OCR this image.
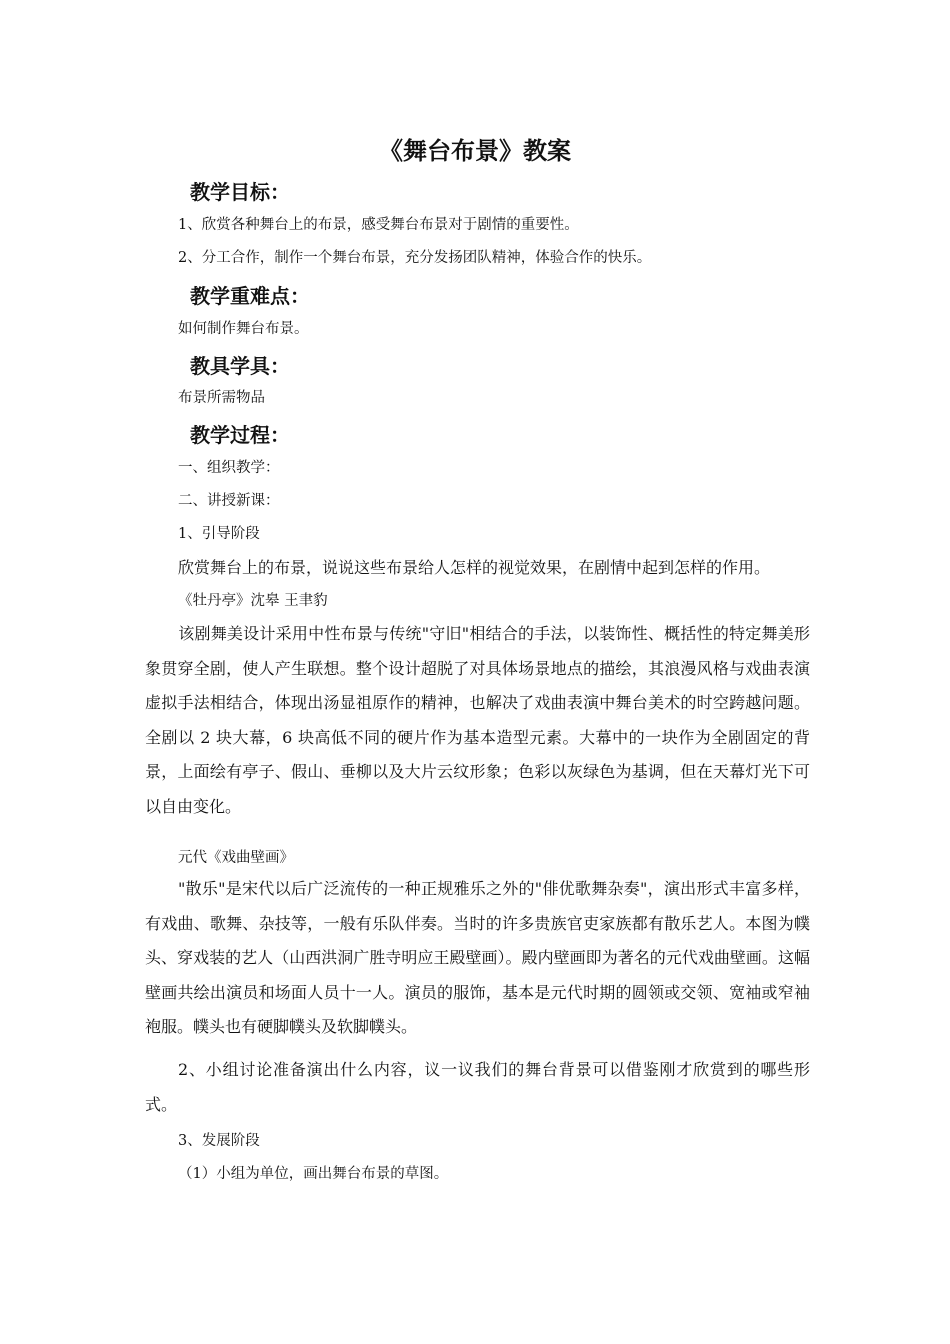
《舞台布景》教案
教学目标：
1、欣赏各种舞台上的布景，感受舞台布景对于剧情的重要性。
2、分工合作，制作一个舞台布景，充分发扬团队精神，体验合作的快乐。
教学重难点：
如何制作舞台布景。
教具学具：
布景所需物品
教学过程：
一、组织教学：
二、讲授新课：
1、引导阶段
欣赏舞台上的布景，说说这些布景给人怎样的视觉效果，在剧情中起到怎样的作用。
《牡丹亭》沈皋 王聿豹
该剧舞美设计采用中性布景与传统"守旧"相结合的手法，以装饰性、概括性的特定舞美形象贯穿全剧，使人产生联想。整个设计超脱了对具体场景地点的描绘，其浪漫风格与戏曲表演虚拟手法相结合，体现出汤显祖原作的精神，也解决了戏曲表演中舞台美术的时空跨越问题。全剧以 2 块大幕，6 块高低不同的硬片作为基本造型元素。大幕中的一块作为全剧固定的背景，上面绘有亭子、假山、垂柳以及大片云纹形象；色彩以灰绿色为基调，但在天幕灯光下可以自由变化。
元代《戏曲壁画》
"散乐"是宋代以后广泛流传的一种正规雅乐之外的"俳优歌舞杂奏"，演出形式丰富多样，有戏曲、歌舞、杂技等，一般有乐队伴奏。当时的许多贵族官吏家族都有散乐艺人。本图为幞头、穿戏装的艺人（山西洪洞广胜寺明应王殿壁画）。殿内壁画即为著名的元代戏曲壁画。这幅壁画共绘出演员和场面人员十一人。演员的服饰，基本是元代时期的圆领或交领、宽袖或窄袖袍服。幞头也有硬脚幞头及软脚幞头。
2、小组讨论准备演出什么内容，议一议我们的舞台背景可以借鉴刚才欣赏到的哪些形式。
3、发展阶段
（1）小组为单位，画出舞台布景的草图。
